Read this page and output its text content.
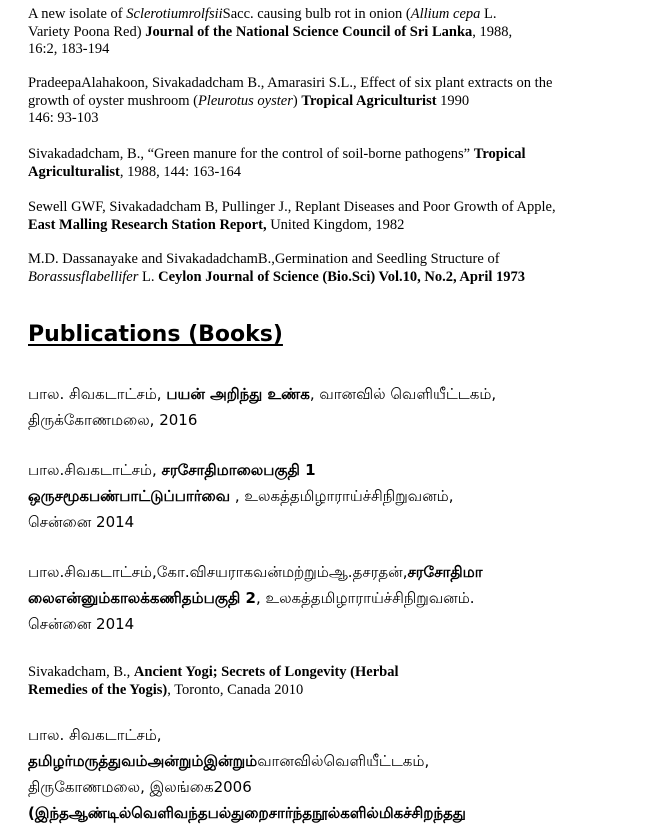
A new isolate of SclerotiumrolfsiiSacc. causing bulb rot in onion (Allium cepa L.
Variety Poona Red) Journal of the National Science Council of Sri Lanka, 1988,
16:2, 183-194
PradeepaAlahakoon, Sivakadadcham B., Amarasiri S.L., Effect of six plant extracts on the
growth of oyster mushroom (Pleurotus oyster) Tropical Agriculturist 1990
146: 93-103
Sivakadadcham, B., “Green manure for the control of soil-borne pathogens” Tropical
Agriculturalist, 1988, 144: 163-164
Sewell GWF, Sivakadadcham B, Pullinger J., Replant Diseases and Poor Growth of Apple,
East Malling Research Station Report, United Kingdom, 1982
M.D. Dassanayake and SivakadadchamB.,Germination and Seedling Structure of
Borassusflabellifer L. Ceylon Journal of Science (Bio.Sci) Vol.10, No.2, April 1973
Publications (Books)
பால. சிவகடாட்சம், பயன் அறிந்து உண்க, வானவில் வெளியீட்டகம்,
திருக்கோணமலை, 2016
பால.சிவகடாட்சம், சரசோதிமாலைபகுதி 1
ஒருசமூகபண்பாட்டுப்பார்வை , உலகத்தமிழாராய்ச்சிநிறுவனம்,
சென்னை 2014
பால.சிவகடாட்சம்,கோ.விசயராகவன்மற்றும்ஆ.தசரதன்,சரசோதிமா
லைஎன்னும்காலக்கணிதம்பகுதி 2, உலகத்தமிழாராய்ச்சிநிறுவனம்.
சென்னை 2014
Sivakadcham, B., Ancient Yogi; Secrets of Longevity (Herbal
Remedies of the Yogis), Toronto, Canada 2010
பால. சிவகடாட்சம்,
தமிழர்மருத்துவம்அன்றும்இன்றும்வானவில்வெளியீட்டகம்,
திருகோணமலை, இலங்கை2006
(இந்தஆண்டில்வெளிவந்தபல்துறைசார்ந்தநூல்களில்மிகச்சிறந்தது
